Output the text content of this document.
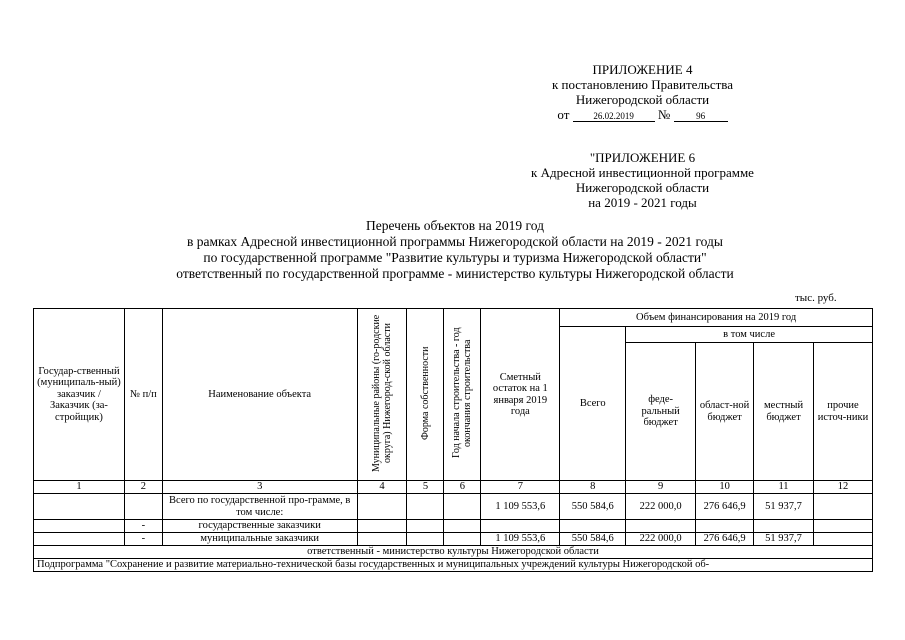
ПРИЛОЖЕНИЕ 4
к постановлению Правительства
Нижегородской области
от	26.02.2019 №	96
"ПРИЛОЖЕНИЕ 6
к Адресной инвестиционной программе
Нижегородской области
на 2019 - 2021 годы
Перечень объектов на 2019 год
в рамках Адресной инвестиционной программы Нижегородской области на 2019 - 2021 годы
по государственной программе "Развитие культуры и туризма Нижегородской области"
ответственный по государственной программе - министерство культуры Нижегородской области
тыс. руб.
Государ-ственный (муниципаль-ный) заказчик / Заказчик (за-стройщик)	№ п/п	Наименование объекта	Муниципальные районы (го-родские округа) Нижегород-ской области	Форма собственности	Год начала строительства - год окончания строительства	Сметный остаток на 1 января 2019 года	Объем финансирования на 2019 год				
							Всего	в том числе			
								феде-ральный бюджет	област-ной бюджет	местный бюджет	прочие источ-ники
1	2	3	4	5	6	7	8	9	10	11	12
		Всего по государственной про-грамме, в том числе:				1 109 553,6	550 584,6	222 000,0	276 646,9	51 937,7	
	-	государственные заказчики									
	-	муниципальные заказчики				1 109 553,6	550 584,6	222 000,0	276 646,9	51 937,7	
ответственный - министерство культуры Нижегородской области											
Подпрограмма "Сохранение и развитие материально-технической базы государственных и муниципальных учреждений культуры Нижегородской об-											
